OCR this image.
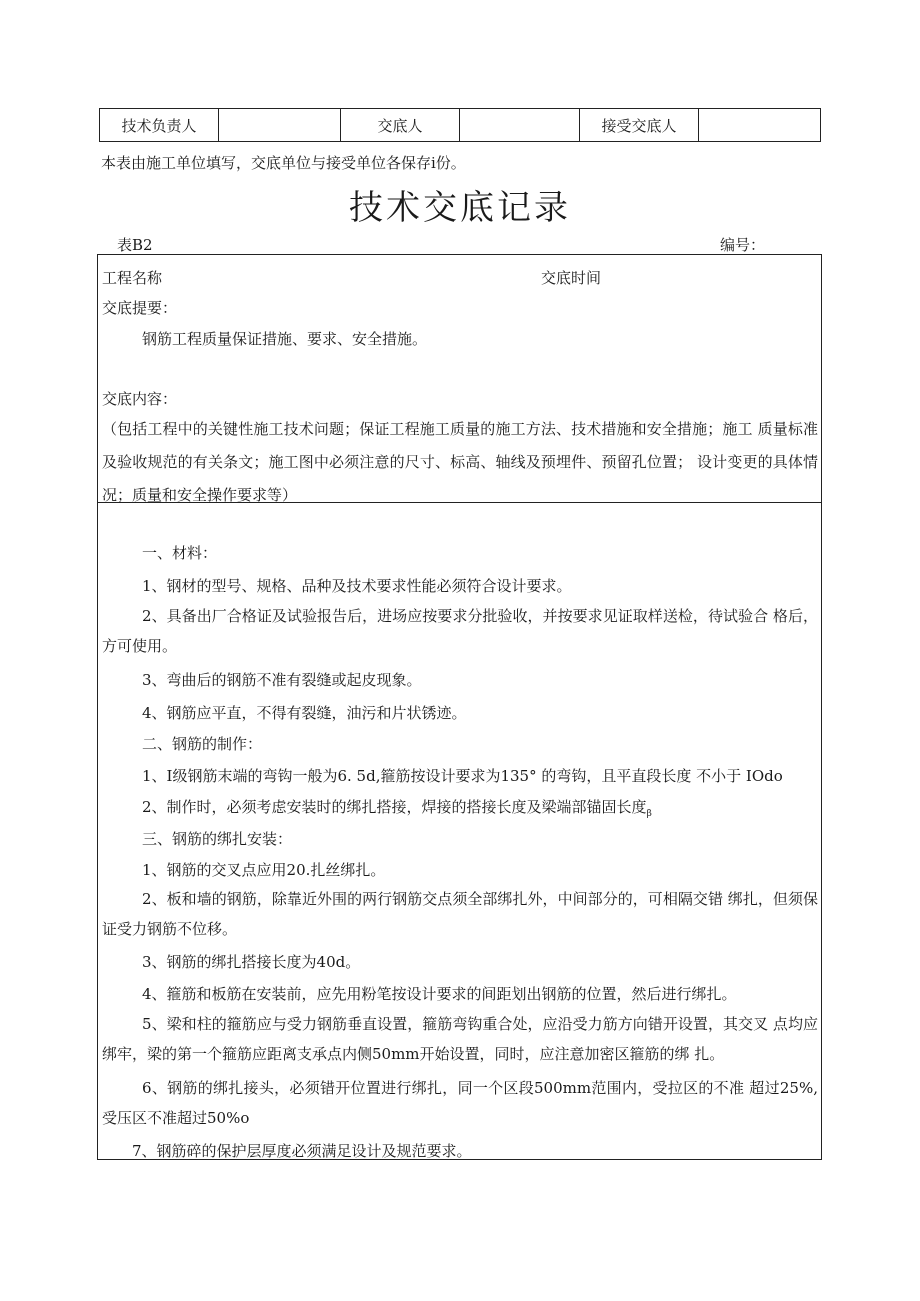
技术负责人		交底人		接受交底人	
本表由施工单位填写，交底单位与接受单位各保存i份。
技术交底记录
表B2	编号：
工程名称	交底时间
交底提要：
钢筋工程质量保证措施、要求、安全措施。
交底内容：
（包括工程中的关键性施工技术问题；保证工程施工质量的施工方法、技术措施和安全措施；施工 质量标准及验收规范的有关条文；施工图中必须注意的尺寸、标高、轴线及预埋件、预留孔位置； 设计变更的具体情况；质量和安全操作要求等）
一、材料：
1、钢材的型号、规格、品种及技术要求性能必须符合设计要求。
2、具备出厂合格证及试验报告后，进场应按要求分批验收，并按要求见证取样送检，待试验合 格后，方可使用。
3、弯曲后的钢筋不准有裂缝或起皮现象。
4、钢筋应平直，不得有裂缝，油污和片状锈迹。
二、钢筋的制作：
1、I级钢筋末端的弯钩一般为6. 5d,箍筋按设计要求为135° 的弯钩，且平直段长度 不小于 IOdo
2、制作时，必须考虑安装时的绑扎搭接，焊接的搭接长度及梁端部锚固长度$_\beta$
三、钢筋的绑扎安装：
1、钢筋的交叉点应用20.扎丝绑扎。
2、板和墙的钢筋，除靠近外围的两行钢筋交点须全部绑扎外，中间部分的，可相隔交错 绑扎，但须保证受力钢筋不位移。
3、钢筋的绑扎搭接长度为40d。
4、箍筋和板筋在安装前，应先用粉笔按设计要求的间距划出钢筋的位置，然后进行绑扎。
5、梁和柱的箍筋应与受力钢筋垂直设置，箍筋弯钩重合处，应沿受力筋方向错开设置，其交叉 点均应绑牢，梁的第一个箍筋应距离支承点内侧50mm开始设置，同时，应注意加密区箍筋的绑 扎。
6、钢筋的绑扎接头，必须错开位置进行绑扎，同一个区段500mm范围内，受拉区的不准 超过25%,受压区不准超过50%o
7、钢筋碎的保护层厚度必须满足设计及规范要求。
